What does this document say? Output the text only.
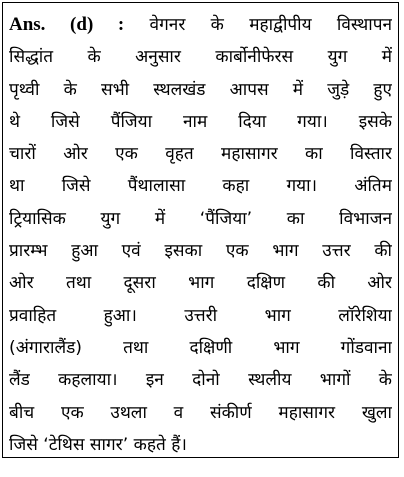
Ans. (d) : वेगनर के महाद्वीपीय विस्थापन
सिद्धांत के अनुसार कार्बोनीफेरस युग में
पृथ्वी के सभी स्थलखंड आपस में जुड़े हुए
थे जिसे पैंजिया नाम दिया गया। इसके
चारों ओर एक वृहत महासागर का विस्तार
था जिसे पैंथालासा कहा गया। अंतिम
ट्रियासिक युग में ‘पैंजिया’ का विभाजन
प्रारम्भ हुआ एवं इसका एक भाग उत्तर की
ओर तथा दूसरा भाग दक्षिण की ओर
प्रवाहित हुआ। उत्तरी भाग लॉरेशिया
(अंगारालैंड) तथा दक्षिणी भाग गोंडवाना
लैंड कहलाया। इन दोनो स्थलीय भागों के
बीच एक उथला व संकीर्ण महासागर खुला
जिसे ‘टेथिस सागर’ कहते हैं।
